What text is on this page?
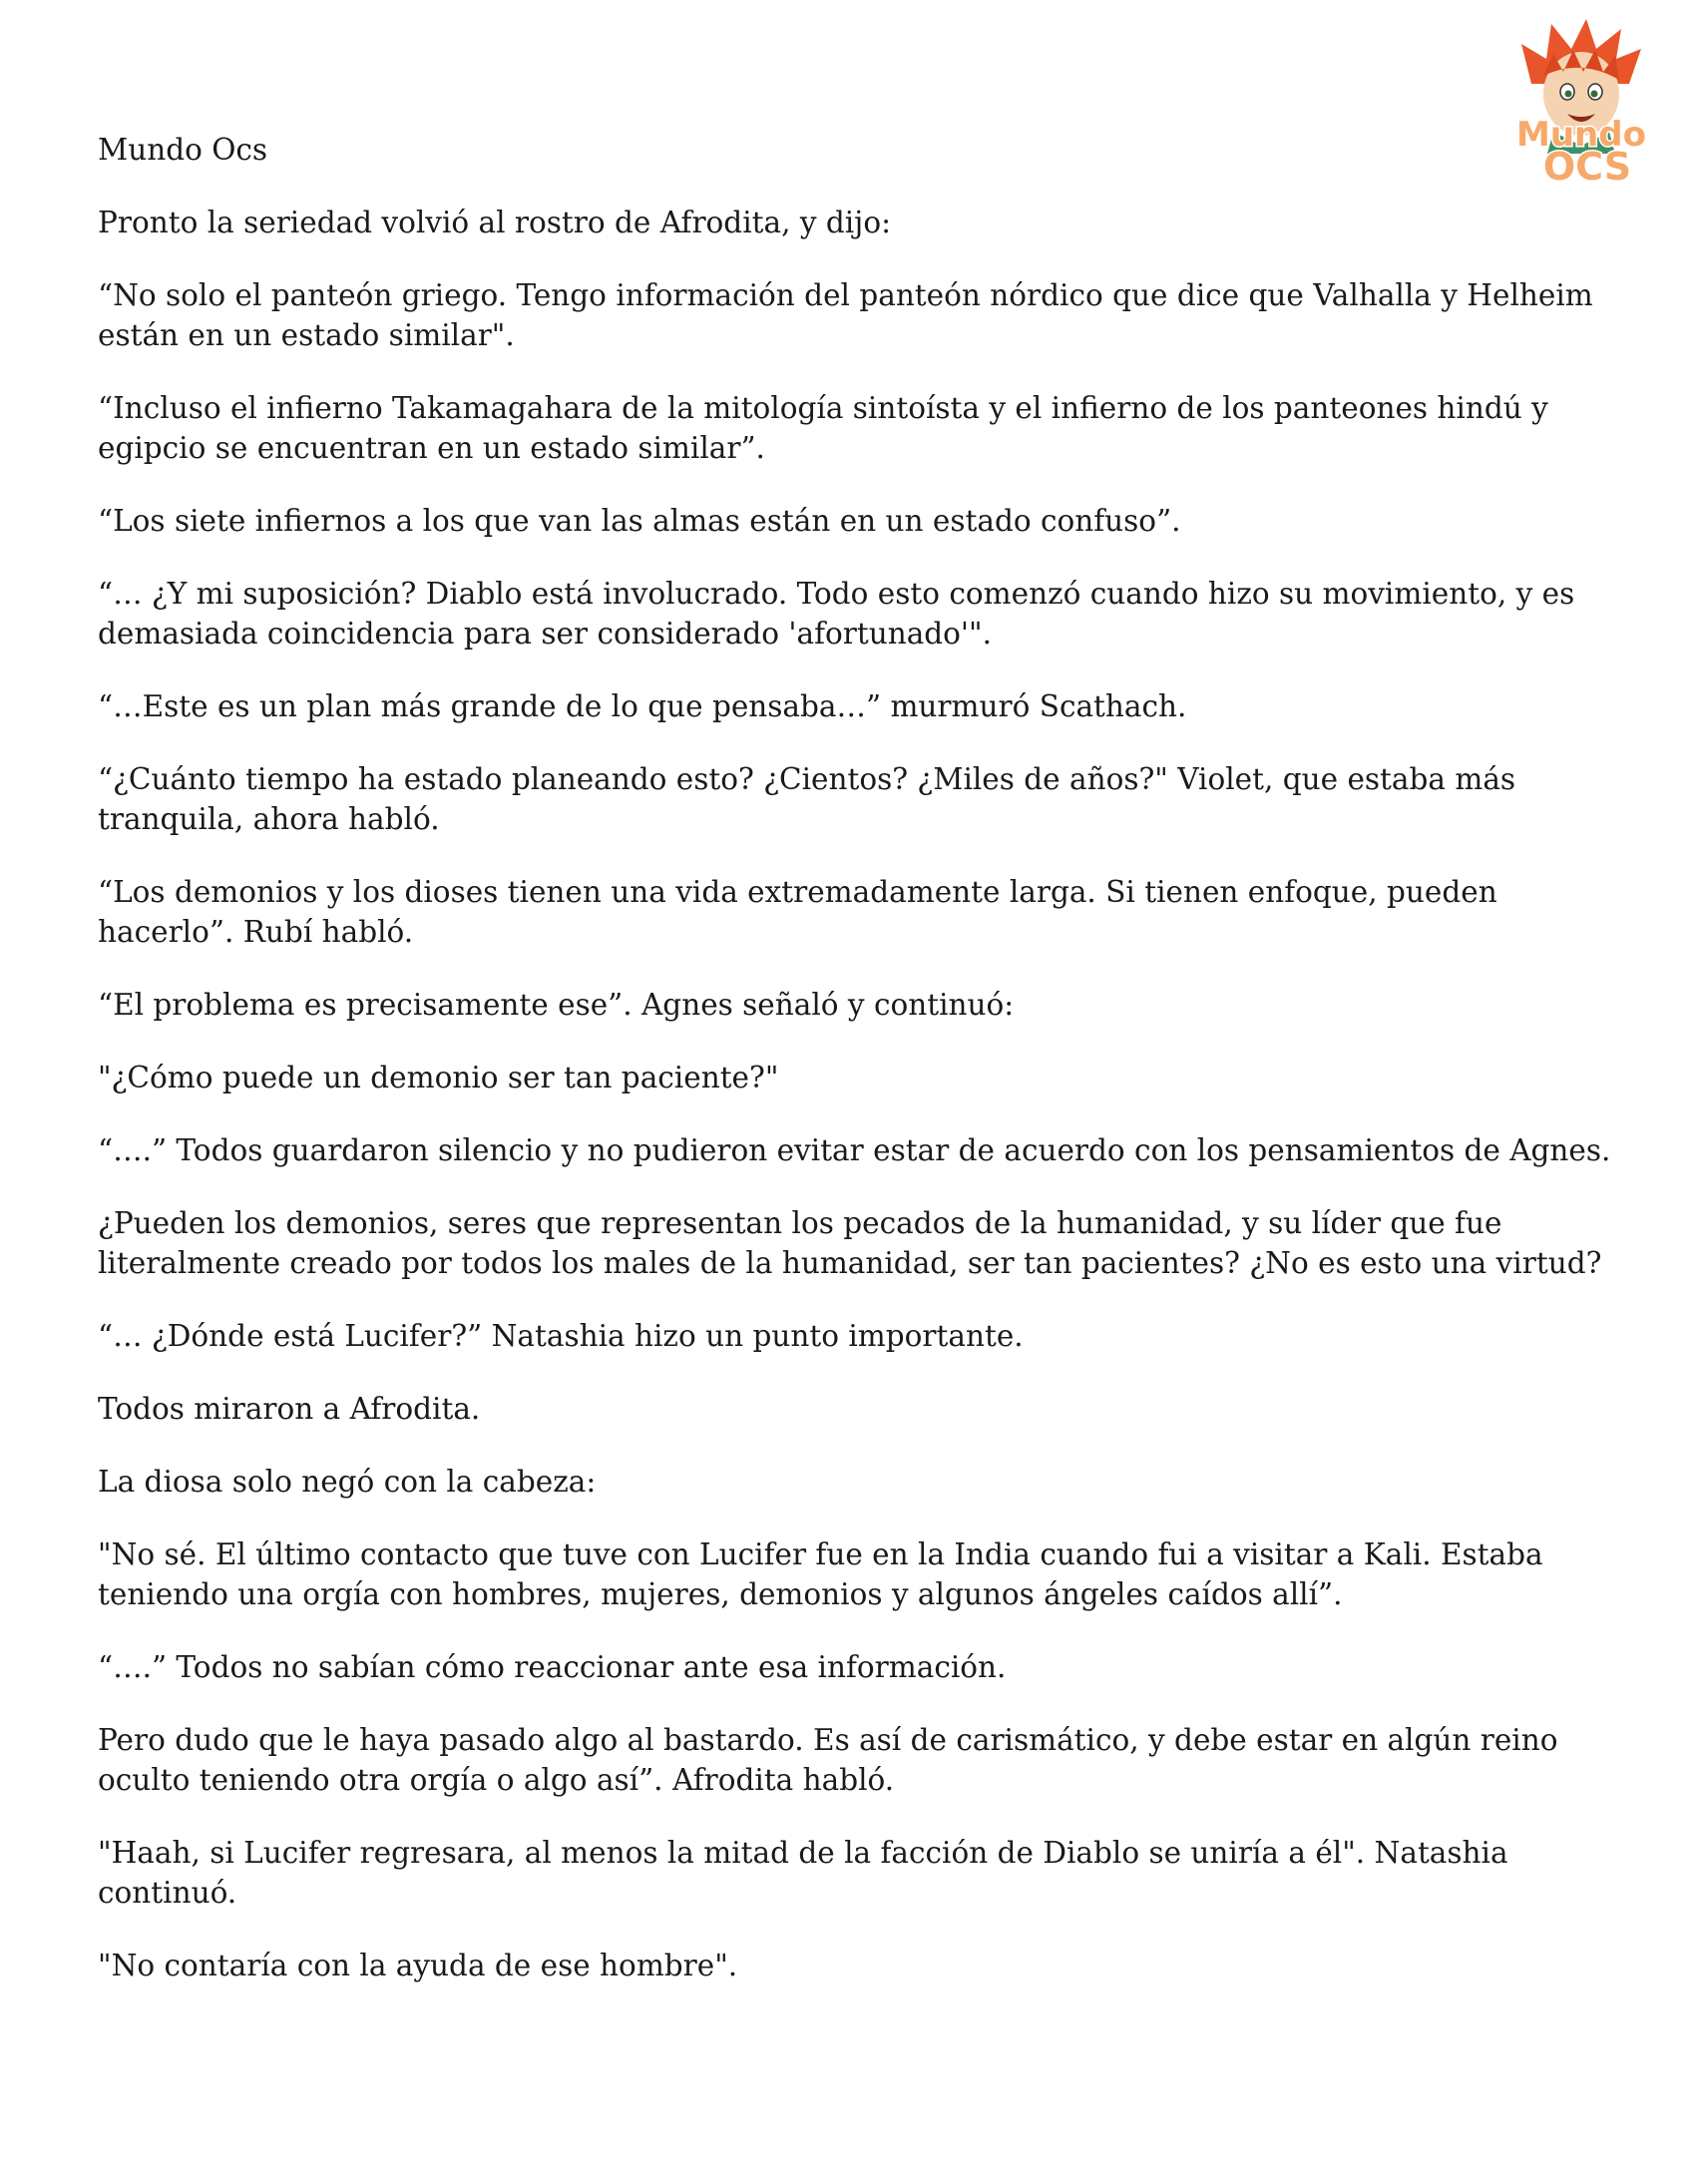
Mundo
OCS
Mundo Ocs
Pronto la seriedad volvió al rostro de Afrodita, y dijo:
“No solo el panteón griego. Tengo información del panteón nórdico que dice que Valhalla y Helheim están en un estado similar".
“Incluso el infierno Takamagahara de la mitología sintoísta y el infierno de los panteones hindú y egipcio se encuentran en un estado similar”.
“Los siete infiernos a los que van las almas están en un estado confuso”.
“… ¿Y mi suposición? Diablo está involucrado. Todo esto comenzó cuando hizo su movimiento, y es demasiada coincidencia para ser considerado 'afortunado'".
“…Este es un plan más grande de lo que pensaba…” murmuró Scathach.
“¿Cuánto tiempo ha estado planeando esto? ¿Cientos? ¿Miles de años?" Violet, que estaba más tranquila, ahora habló.
“Los demonios y los dioses tienen una vida extremadamente larga. Si tienen enfoque, pueden hacerlo”. Rubí habló.
“El problema es precisamente ese”. Agnes señaló y continuó:
"¿Cómo puede un demonio ser tan paciente?"
“….” Todos guardaron silencio y no pudieron evitar estar de acuerdo con los pensamientos de Agnes.
¿Pueden los demonios, seres que representan los pecados de la humanidad, y su líder que fue literalmente creado por todos los males de la humanidad, ser tan pacientes? ¿No es esto una virtud?
“… ¿Dónde está Lucifer?” Natashia hizo un punto importante.
Todos miraron a Afrodita.
La diosa solo negó con la cabeza:
"No sé. El último contacto que tuve con Lucifer fue en la India cuando fui a visitar a Kali. Estaba teniendo una orgía con hombres, mujeres, demonios y algunos ángeles caídos allí”.
“….” Todos no sabían cómo reaccionar ante esa información.
Pero dudo que le haya pasado algo al bastardo. Es así de carismático, y debe estar en algún reino oculto teniendo otra orgía o algo así”. Afrodita habló.
"Haah, si Lucifer regresara, al menos la mitad de la facción de Diablo se uniría a él". Natashia continuó.
"No contaría con la ayuda de ese hombre".
